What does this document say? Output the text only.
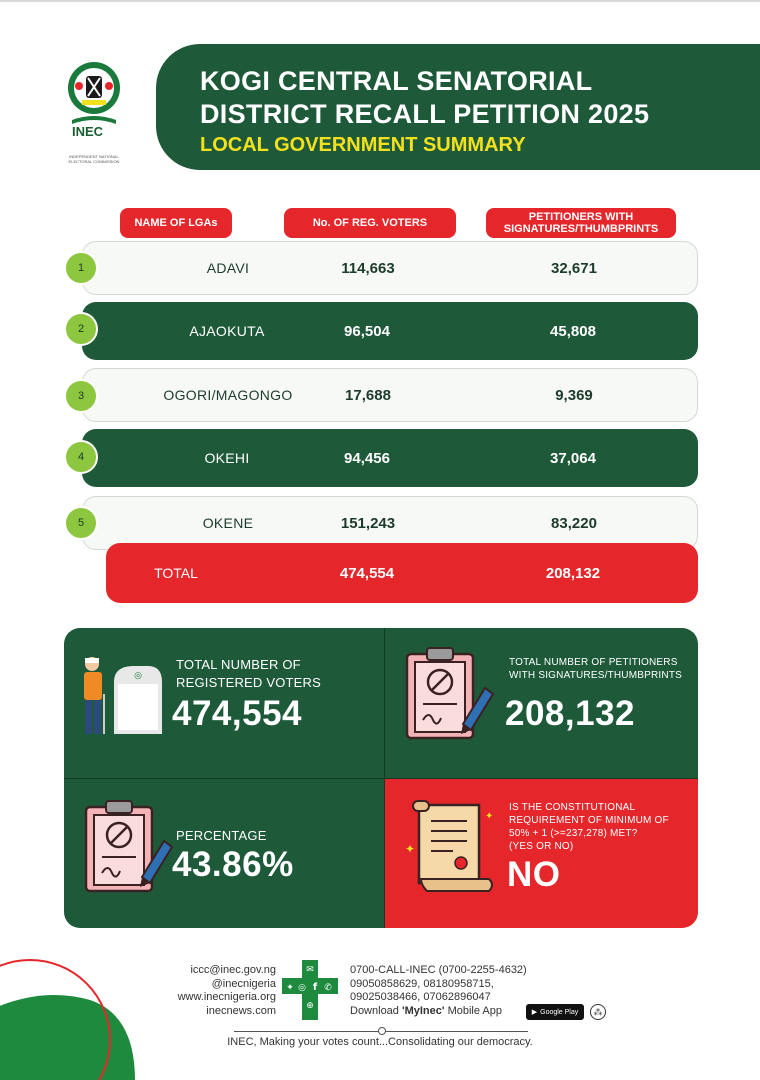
INEC
INDEPENDENT NATIONAL ELECTORAL COMMISSION
KOGI CENTRAL SENATORIAL
DISTRICT RECALL PETITION 2025
LOCAL GOVERNMENT SUMMARY
NAME OF LGAs	No. OF REG. VOTERS	PETITIONERS WITH SIGNATURES/THUMBPRINTS
ADAVI	114,663	32,671
1
AJAOKUTA	96,504	45,808
2
OGORI/MAGONGO	17,688	9,369
3
OKEHI	94,456	37,064
4
OKENE	151,243	83,220
5
TOTAL	474,554	208,132
◎
TOTAL NUMBER OF
REGISTERED VOTERS
474,554
TOTAL NUMBER OF PETITIONERS
WITH SIGNATURES/THUMBPRINTS
208,132
PERCENTAGE
43.86%	✦
✦
IS THE CONSTITUTIONAL
REQUIREMENT OF MINIMUM OF
50% + 1 (>=237,278) MET?
(YES OR NO)
NO
iccc@inec.gov.ng
@inecnigeria
www.inecnigeria.org
inecnews.com
✉
✦ ◎ f ✆
⊕
0700-CALL-INEC (0700-2255-4632)
09050858629, 08180958715,
09025038466, 07062896047
Download 'MyInec' Mobile App	▶ Google Play	⁂
INEC, Making your votes count...Consolidating our democracy.
